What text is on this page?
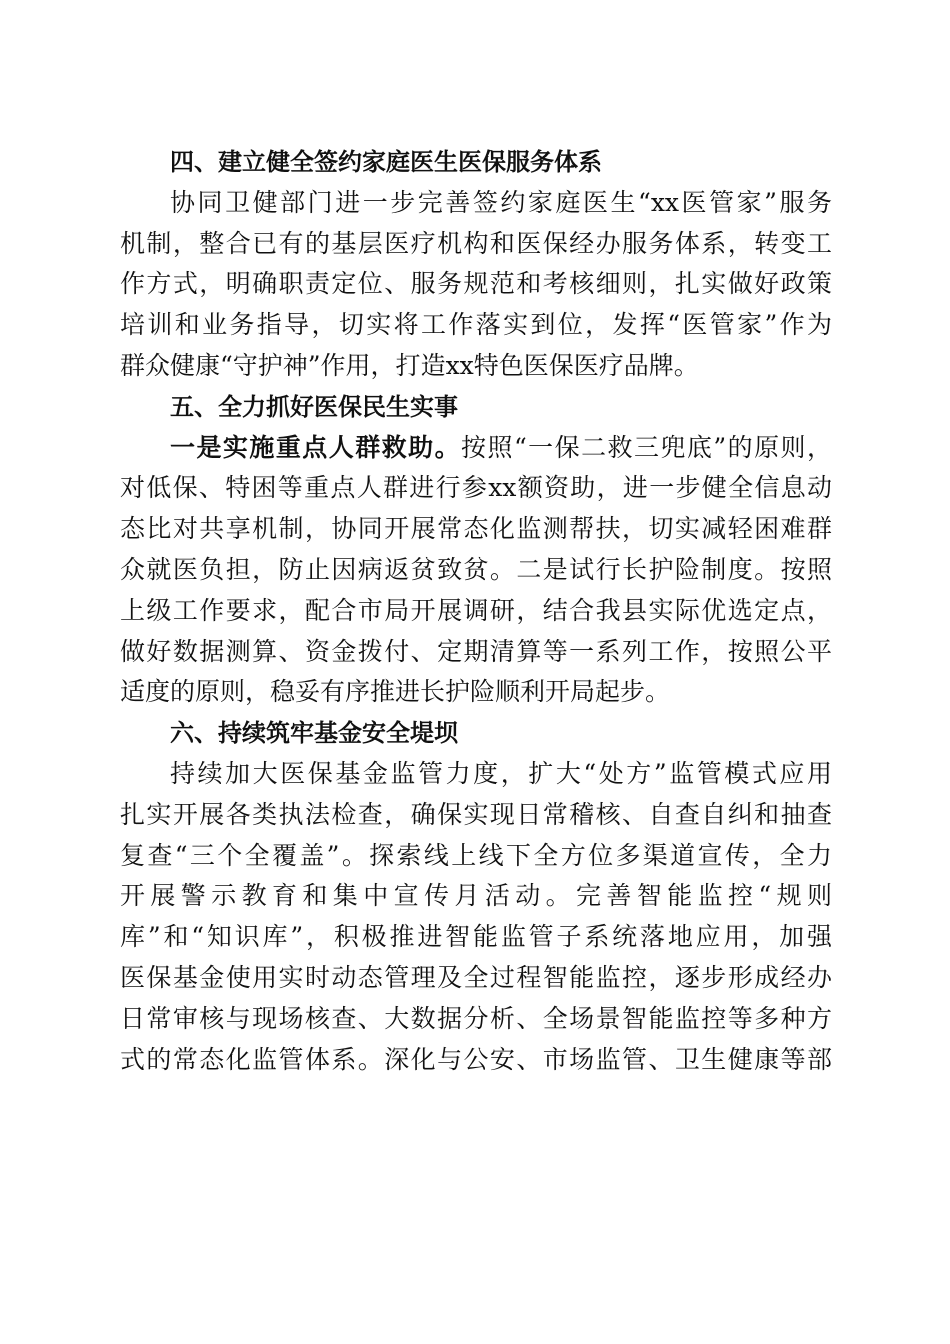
四、建立健全签约家庭医生医保服务体系
协同卫健部门进一步完善签约家庭医生“xx医管家”服务
机制，整合已有的基层医疗机构和医保经办服务体系，转变工
作方式，明确职责定位、服务规范和考核细则，扎实做好政策
培训和业务指导，切实将工作落实到位，发挥“医管家”作为
群众健康“守护神”作用，打造xx特色医保医疗品牌。
五、全力抓好医保民生实事
一是实施重点人群救助。按照“一保二救三兜底”的原则，
对低保、特困等重点人群进行参xx额资助，进一步健全信息动
态比对共享机制，协同开展常态化监测帮扶，切实减轻困难群
众就医负担，防止因病返贫致贫。二是试行长护险制度。按照
上级工作要求，配合市局开展调研，结合我县实际优选定点，
做好数据测算、资金拨付、定期清算等一系列工作，按照公平
适度的原则，稳妥有序推进长护险顺利开局起步。
六、持续筑牢基金安全堤坝
持续加大医保基金监管力度，扩大“处方”监管模式应用
扎实开展各类执法检查，确保实现日常稽核、自查自纠和抽查
复查“三个全覆盖”。探索线上线下全方位多渠道宣传，全力
开展警示教育和集中宣传月活动。完善智能监控“规则
库”和“知识库”，积极推进智能监管子系统落地应用，加强
医保基金使用实时动态管理及全过程智能监控，逐步形成经办
日常审核与现场核查、大数据分析、全场景智能监控等多种方
式的常态化监管体系。深化与公安、市场监管、卫生健康等部
